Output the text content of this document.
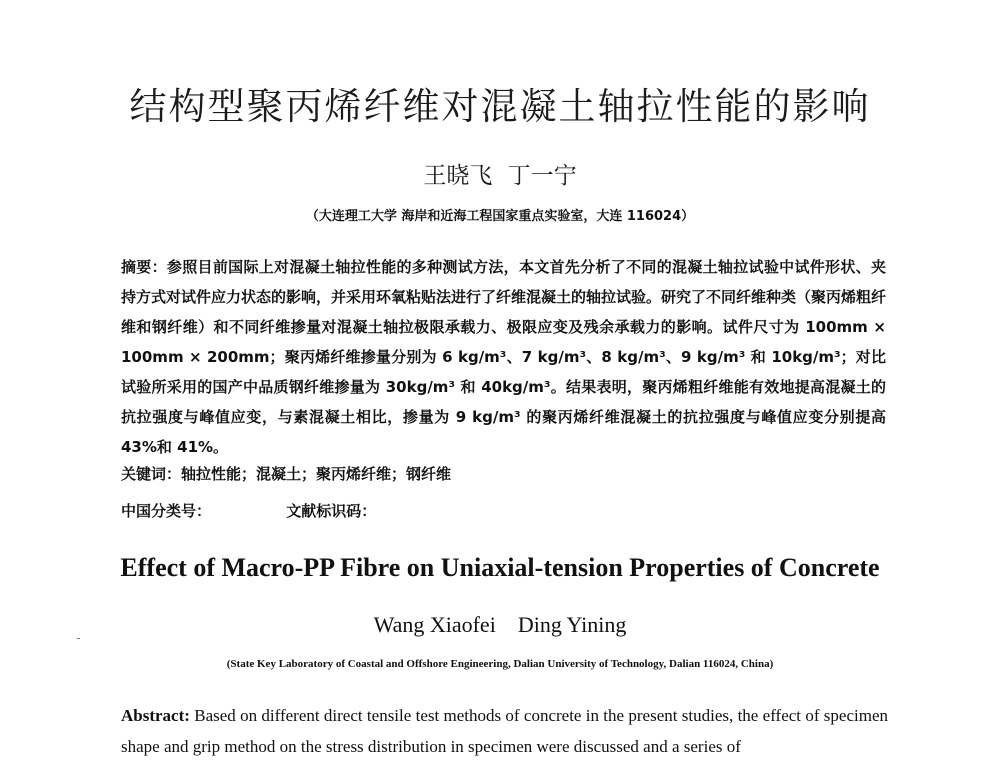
结构型聚丙烯纤维对混凝土轴拉性能的影响
王晓飞 丁一宁
（大连理工大学 海岸和近海工程国家重点实验室，大连 116024）
摘要：参照目前国际上对混凝土轴拉性能的多种测试方法，本文首先分析了不同的混凝土轴拉试验中试件形状、夹持方式对试件应力状态的影响，并采用环氧粘贴法进行了纤维混凝土的轴拉试验。研究了不同纤维种类（聚丙烯粗纤维和钢纤维）和不同纤维掺量对混凝土轴拉极限承载力、极限应变及残余承载力的影响。试件尺寸为 100mm × 100mm × 200mm；聚丙烯纤维掺量分别为 6 kg/m³、7 kg/m³、8 kg/m³、9 kg/m³ 和 10kg/m³；对比试验所采用的国产中品质钢纤维掺量为 30kg/m³ 和 40kg/m³。结果表明，聚丙烯粗纤维能有效地提高混凝土的抗拉强度与峰值应变，与素混凝土相比，掺量为 9 kg/m³ 的聚丙烯纤维混凝土的抗拉强度与峰值应变分别提高 43%和 41%。
关键词：轴拉性能；混凝土；聚丙烯纤维；钢纤维
中国分类号：	文献标识码：
Effect of Macro-PP Fibre on Uniaxial-tension Properties of Concrete
Wang Xiaofei Ding Yining
(State Key Laboratory of Coastal and Offshore Engineering, Dalian University of Technology, Dalian 116024, China)
Abstract: Based on different direct tensile test methods of concrete in the present studies, the effect of specimen shape and grip method on the stress distribution in specimen were discussed and a series of
